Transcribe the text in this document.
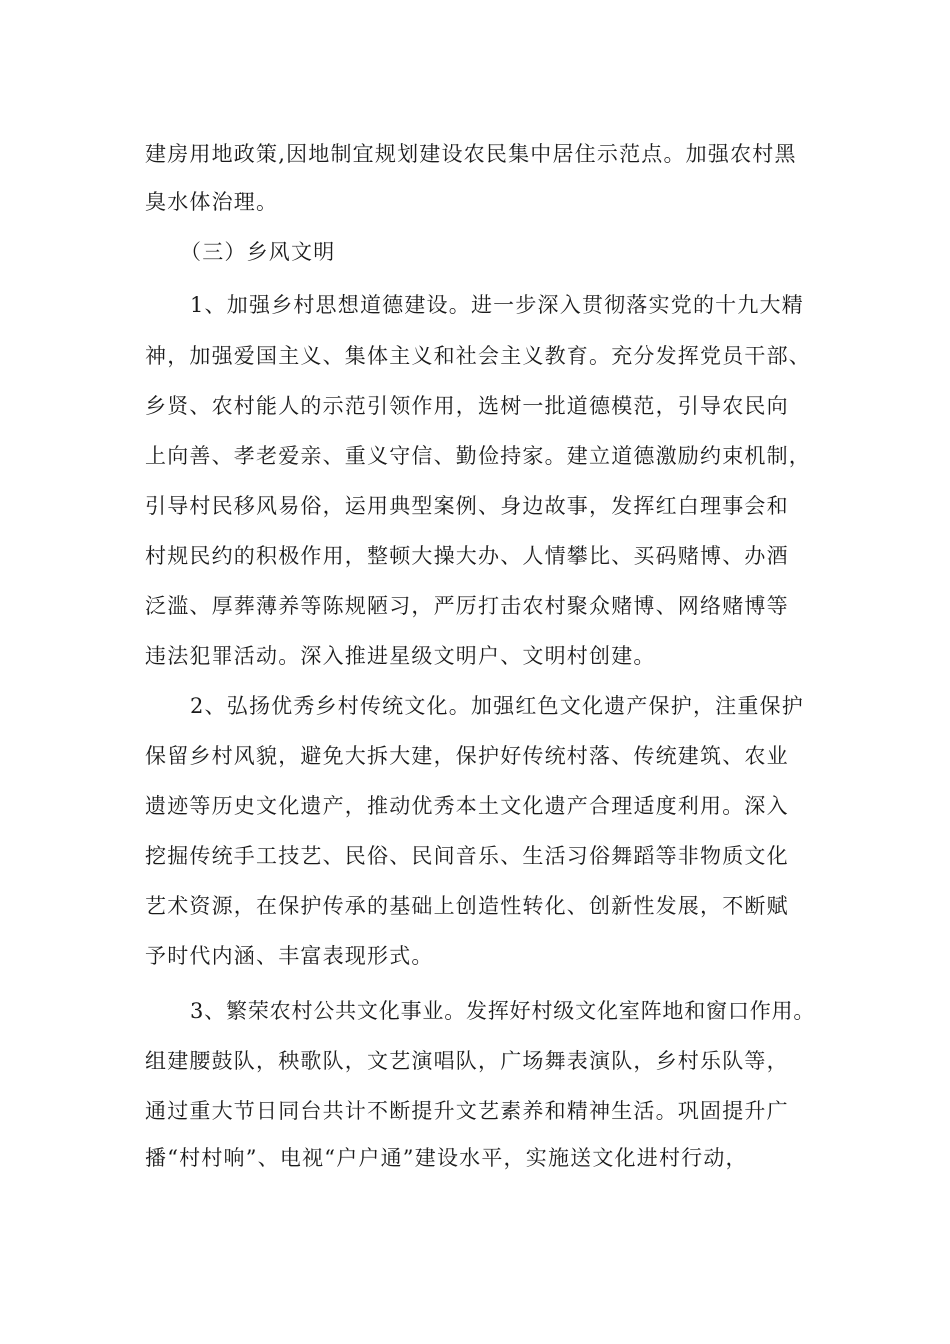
建房用地政策,因地制宜规划建设农民集中居住示范点。加强农村黑
臭水体治理。
（三）乡风文明
1、加强乡村思想道德建设。进一步深入贯彻落实党的十九大精
神，加强爱国主义、集体主义和社会主义教育。充分发挥党员干部、
乡贤、农村能人的示范引领作用，选树一批道德模范，引导农民向
上向善、孝老爱亲、重义守信、勤俭持家。建立道德激励约束机制，
引导村民移风易俗，运用典型案例、身边故事，发挥红白理事会和
村规民约的积极作用，整顿大操大办、人情攀比、买码赌博、办酒
泛滥、厚葬薄养等陈规陋习，严厉打击农村聚众赌博、网络赌博等
违法犯罪活动。深入推进星级文明户、文明村创建。
2、弘扬优秀乡村传统文化。加强红色文化遗产保护，注重保护
保留乡村风貌，避免大拆大建，保护好传统村落、传统建筑、农业
遗迹等历史文化遗产，推动优秀本土文化遗产合理适度利用。深入
挖掘传统手工技艺、民俗、民间音乐、生活习俗舞蹈等非物质文化
艺术资源，在保护传承的基础上创造性转化、创新性发展，不断赋
予时代内涵、丰富表现形式。
3、繁荣农村公共文化事业。发挥好村级文化室阵地和窗口作用。
组建腰鼓队，秧歌队，文艺演唱队，广场舞表演队，乡村乐队等，
通过重大节日同台共计不断提升文艺素养和精神生活。巩固提升广
播“村村响”、电视“户户通”建设水平，实施送文化进村行动，
